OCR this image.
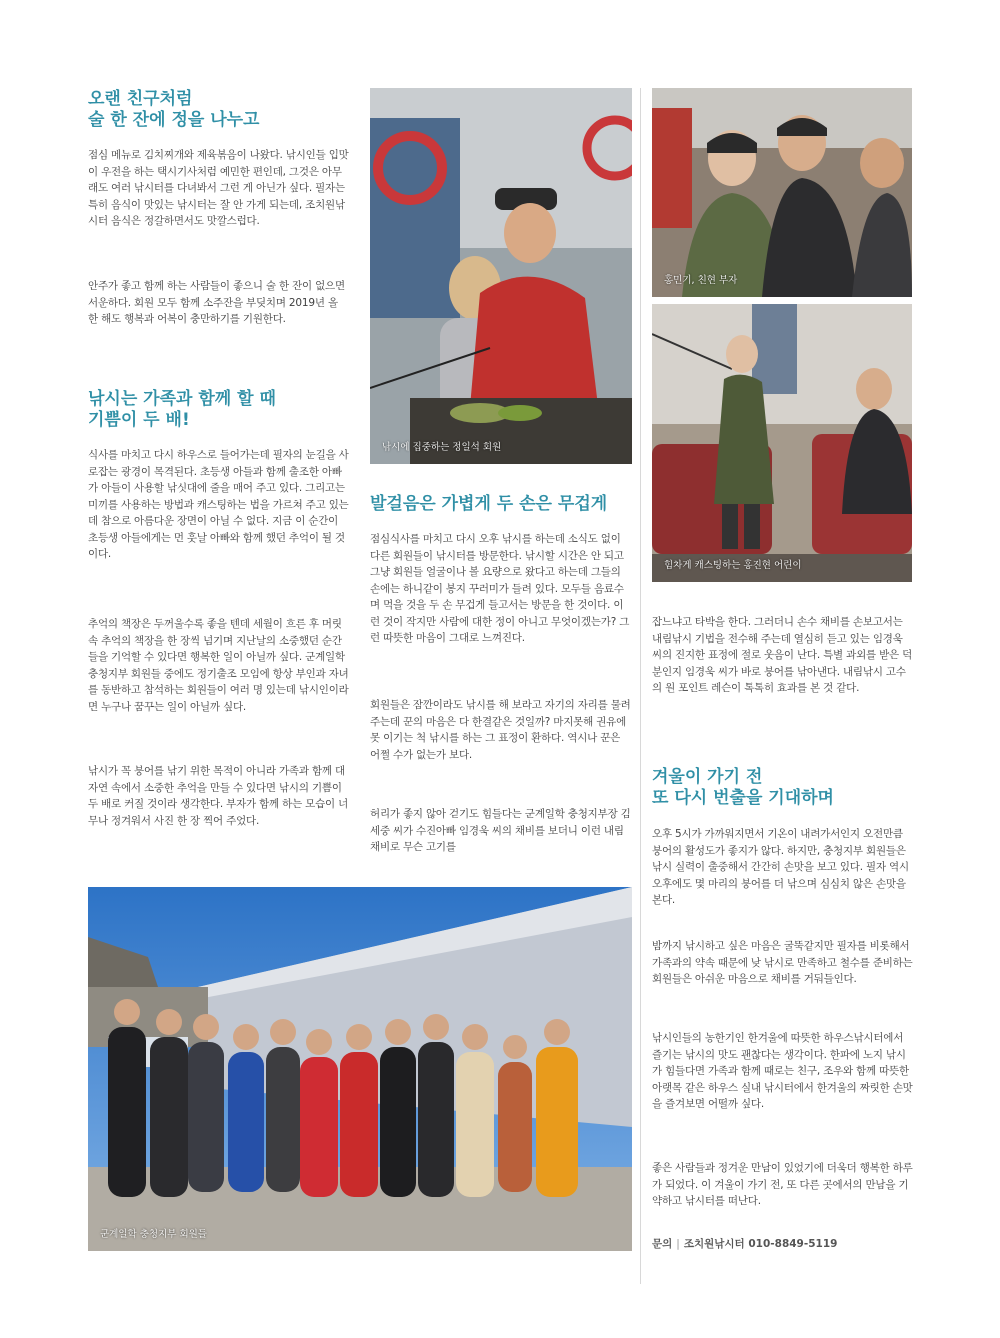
오랜 친구처럼
술 한 잔에 정을 나누고

점심 메뉴로 김치찌개와 제육볶음이 나왔다. 낚시인들 입맛이 우전을 하는 택시기사처럼 예민한 편인데, 그것은 아무래도 여러 낚시터를 다녀봐서 그런 게 아닌가 싶다. 필자는 특히 음식이 맛있는 낚시터는 잘 안 가게 되는데, 조치원낚시터 음식은 정갈하면서도 맛깔스럽다.

안주가 좋고 함께 하는 사람들이 좋으니 술 한 잔이 없으면 서운하다. 회원 모두 함께 소주잔을 부딪치며 2019년 올 한 해도 행복과 어복이 충만하기를 기원한다.

낚시는 가족과 함께 할 때
기쁨이 두 배!

식사를 마치고 다시 하우스로 들어가는데 필자의 눈길을 사로잡는 광경이 목격된다. 초등생 아들과 함께 출조한 아빠가 아들이 사용할 낚싯대에 줄을 매어 주고 있다. 그리고는 미끼를 사용하는 방법과 캐스팅하는 법을 가르쳐 주고 있는데 참으로 아름다운 장면이 아닐 수 없다. 지금 이 순간이 초등생 아들에게는 먼 훗날 아빠와 함께 했던 추억이 될 것이다.

추억의 책장은 두꺼울수록 좋을 텐데 세월이 흐른 후 머릿속 추억의 책장을 한 장씩 넘기며 지난날의 소중했던 순간들을 기억할 수 있다면 행복한 일이 아닐까 싶다. 군계일학 충청지부 회원들 중에도 정기출조 모임에 항상 부인과 자녀를 동반하고 참석하는 회원들이 여러 명 있는데 낚시인이라면 누구나 꿈꾸는 일이 아닐까 싶다.

낚시가 꼭 붕어를 낚기 위한 목적이 아니라 가족과 함께 대자연 속에서 소중한 추억을 만들 수 있다면 낚시의 기쁨이 두 배로 커질 것이라 생각한다. 부자가 함께 하는 모습이 너무나 정겨워서 사진 한 장 찍어 주었다.

낚시에 집중하는 정일석 회원
발걸음은 가볍게 두 손은 무겁게

점심식사를 마치고 다시 오후 낚시를 하는데 소식도 없이 다른 회원들이 낚시터를 방문한다. 낚시할 시간은 안 되고 그냥 회원들 얼굴이나 볼 요량으로 왔다고 하는데 그들의 손에는 하니같이 봉지 꾸러미가 들려 있다. 모두들 음료수며 먹을 것을 두 손 무겁게 들고서는 방문을 한 것이다. 이런 것이 작지만 사람에 대한 정이 아니고 무엇이겠는가? 그런 따뜻한 마음이 그대로 느껴진다.

회원들은 잠깐이라도 낚시를 해 보라고 자기의 자리를 물려주는데 꾼의 마음은 다 한결같은 것일까? 마지못해 권유에 못 이기는 척 낚시를 하는 그 표정이 환하다. 역시나 꾼은 어쩔 수가 없는가 보다.

허리가 좋지 않아 걷기도 힘들다는 군계일학 충청지부장 김세중 씨가 수진아빠 임경욱 씨의 채비를 보더니 이런 내림 채비로 무슨 고기를

홍민기, 친현 부자
힘차게 캐스팅하는 홍진현 어린이

잡느냐고 타박을 한다. 그러더니 손수 채비를 손보고서는 내림낚시 기법을 전수해 주는데 열심히 듣고 있는 임경욱 씨의 진지한 표정에 절로 웃음이 난다. 특별 과외를 받은 덕분인지 임경욱 씨가 바로 붕어를 낚아낸다. 내림낚시 고수의 원 포인트 레슨이 톡톡히 효과를 본 것 같다.

겨울이 가기 전
또 다시 번출을 기대하며

오후 5시가 가까워지면서 기온이 내려가서인지 오전만큼 붕어의 활성도가 좋지가 않다. 하지만, 충청지부 회원들은 낚시 실력이 출중해서 간간히 손맛을 보고 있다. 필자 역시 오후에도 몇 마리의 붕어를 더 낚으며 심심치 않은 손맛을 본다.

밤까지 낚시하고 싶은 마음은 굴뚝같지만 필자를 비롯해서 가족과의 약속 때문에 낮 낚시로 만족하고 철수를 준비하는 회원들은 아쉬운 마음으로 채비를 거둬들인다.

낚시인들의 농한기인 한겨울에 따뜻한 하우스낚시터에서 즐기는 낚시의 맛도 괜찮다는 생각이다. 한파에 노지 낚시가 힘들다면 가족과 함께 때로는 친구, 조우와 함께 따뜻한 아랫목 같은 하우스 실내 낚시터에서 한겨울의 짜릿한 손맛을 즐겨보면 어떨까 싶다.

좋은 사람들과 정겨운 만남이 있었기에 더욱더 행복한 하루가 되었다. 이 겨울이 가기 전, 또 다른 곳에서의 만남을 기약하고 낚시터를 떠난다.

문의 | 조치원낚시터 010-8849-5119
군계일학 충청지부 회원들
